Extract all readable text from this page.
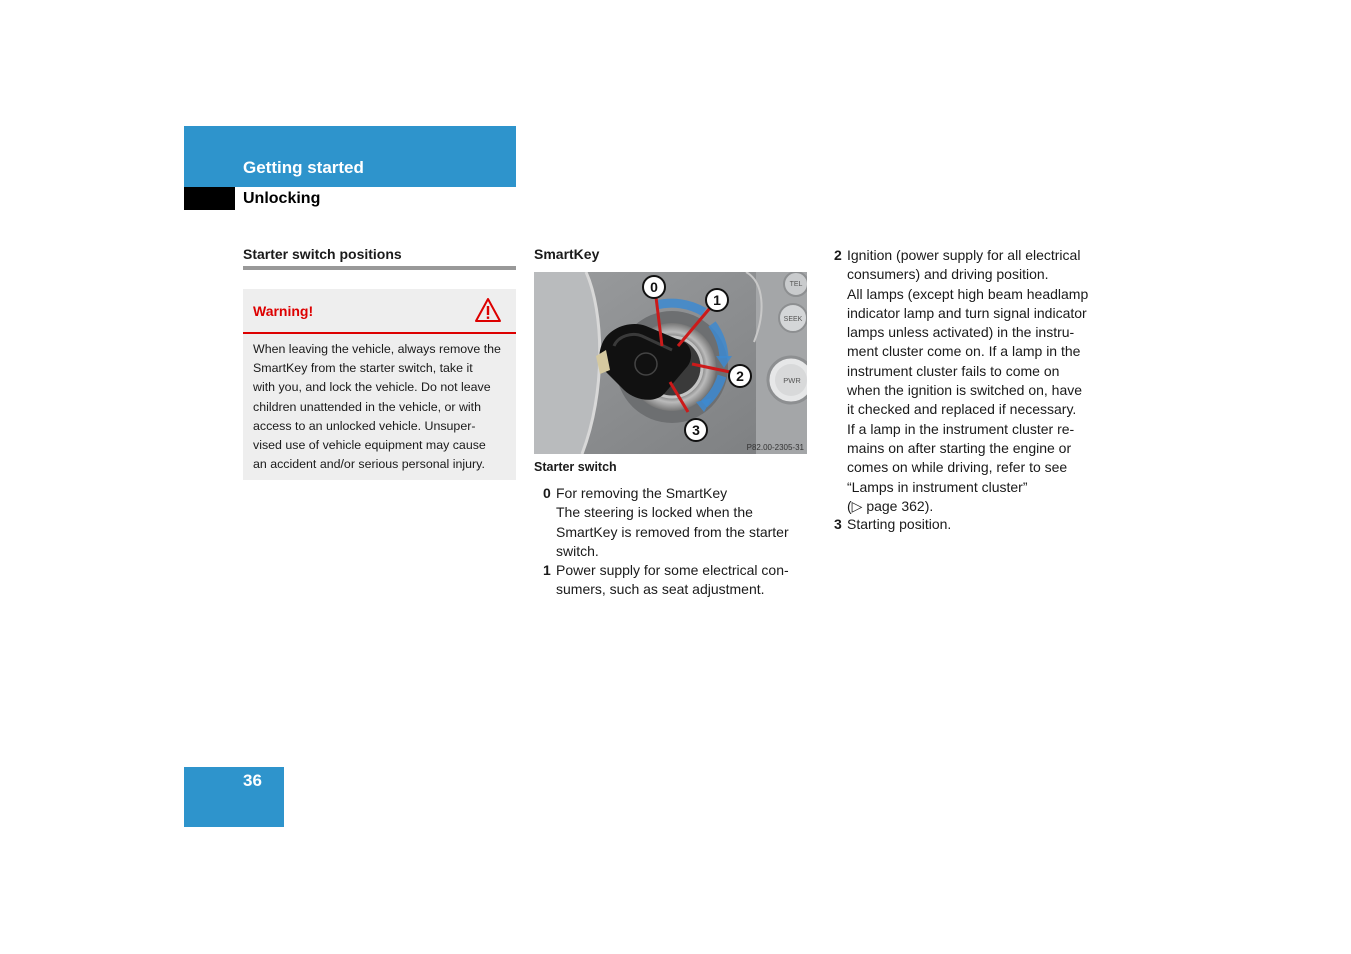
Getting started
Unlocking
Starter switch positions
Warning!
When leaving the vehicle, always remove the
SmartKey from the starter switch, take it
with you, and lock the vehicle. Do not leave
children unattended in the vehicle, or with
access to an unlocked vehicle. Unsuper-
vised use of vehicle equipment may cause
an accident and/or serious personal injury.
SmartKey
TEL
SEEK
PWR
0
1
2
3
P82.00-2305-31
Starter switch
0 For removing the SmartKey
The steering is locked when the
SmartKey is removed from the starter
switch.
1 Power supply for some electrical con-
sumers, such as seat adjustment.
2 Ignition (power supply for all electrical
consumers) and driving position.
All lamps (except high beam headlamp
indicator lamp and turn signal indicator
lamps unless activated) in the instru-
ment cluster come on. If a lamp in the
instrument cluster fails to come on
when the ignition is switched on, have
it checked and replaced if necessary.
If a lamp in the instrument cluster re-
mains on after starting the engine or
comes on while driving, refer to see
“Lamps in instrument cluster”
(▷ page 362).
3 Starting position.
36
